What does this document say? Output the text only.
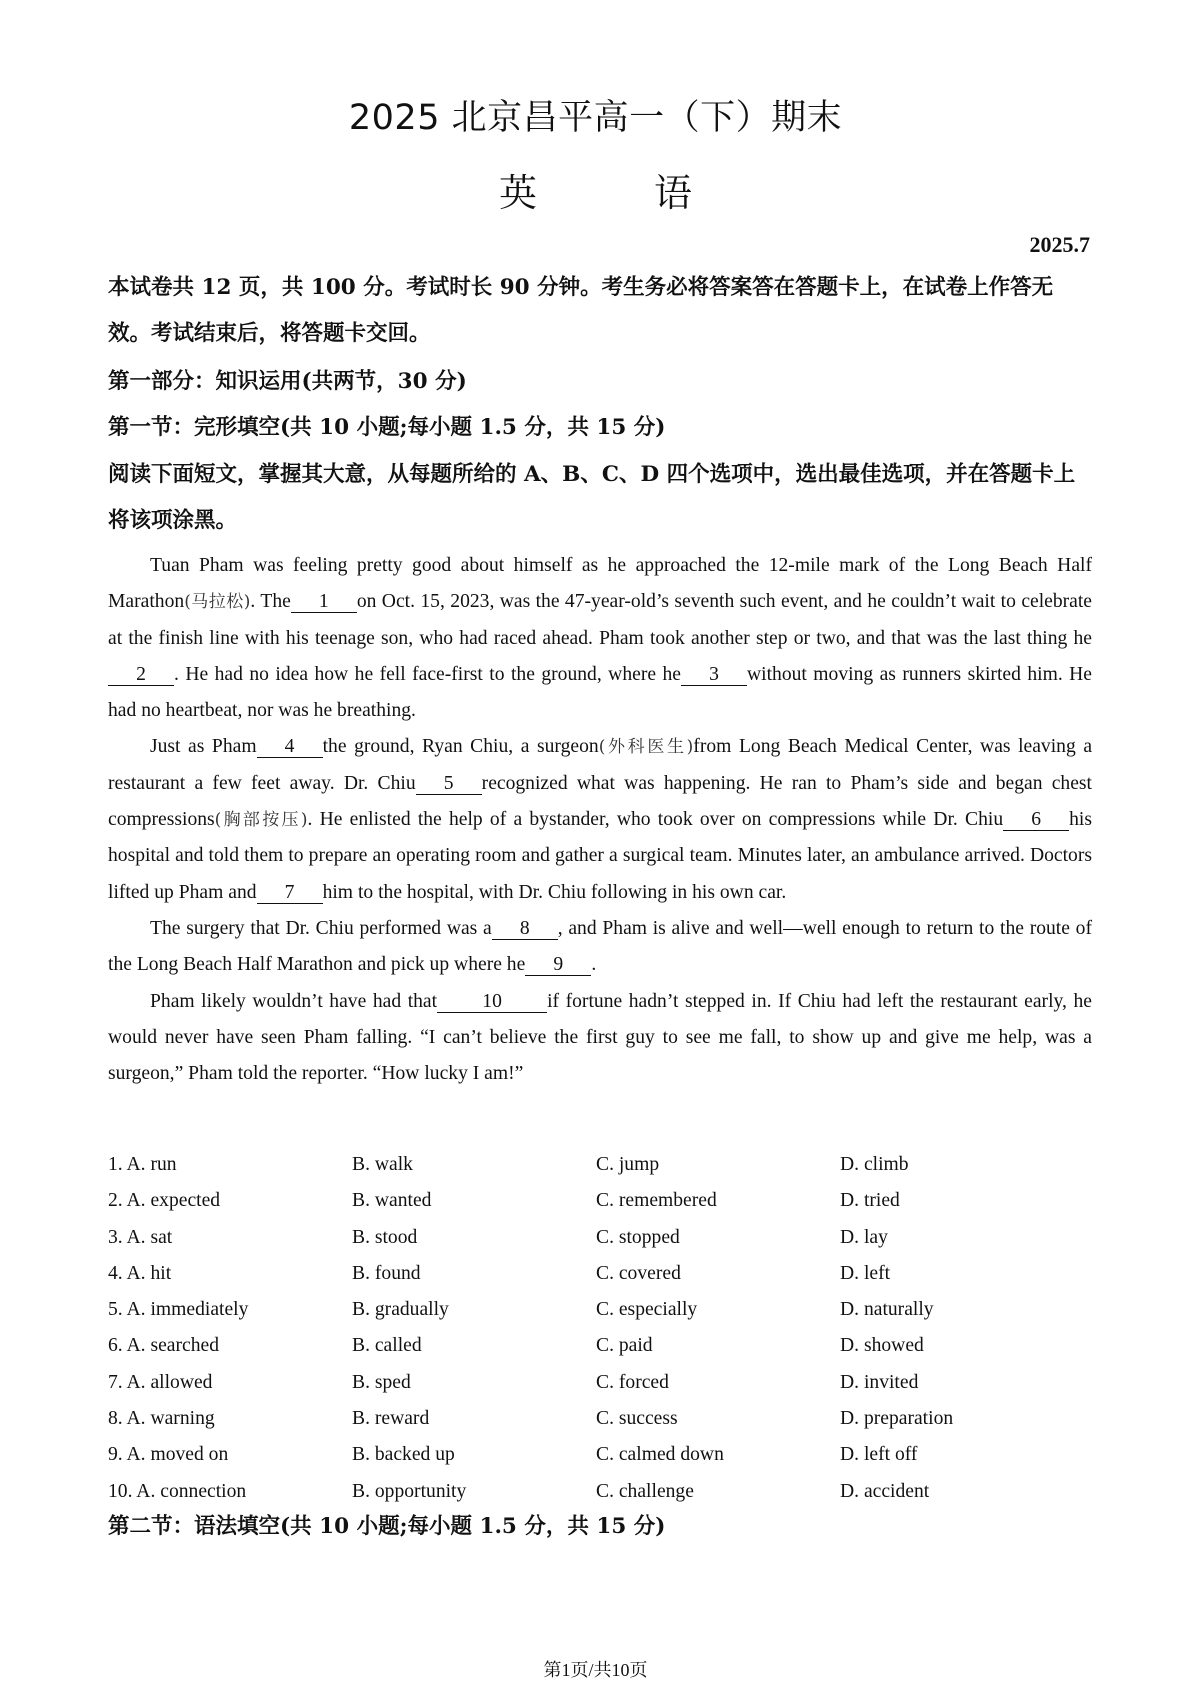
2025 北京昌平高一（下）期末
英	语
2025.7
本试卷共 12 页，共 100 分。考试时长 90 分钟。考生务必将答案答在答题卡上，在试卷上作答无效。考试结束后，将答题卡交回。
第一部分：知识运用(共两节，30 分)
第一节：完形填空(共 10 小题;每小题 1.5 分，共 15 分)
阅读下面短文，掌握其大意，从每题所给的 A、B、C、D 四个选项中，选出最佳选项，并在答题卡上将该项涂黑。

Tuan Pham was feeling pretty good about himself as he approached the 12-mile mark of the Long Beach Half Marathon(马拉松). The 1 on Oct. 15, 2023, was the 47-year-old’s seventh such event, and he couldn’t wait to celebrate at the finish line with his teenage son, who had raced ahead. Pham took another step or two, and that was the last thing he2 . He had no idea how he fell face-first to the ground, where he 3 without moving as runners skirted him. He had no heartbeat, nor was he breathing.

Just as Pham 4 the ground, Ryan Chiu, a surgeon(外科医生)from Long Beach Medical Center, was leaving a restaurant a few feet away. Dr. Chiu 5 recognized what was happening. He ran to Pham’s side and began chest compressions(胸部按压). He enlisted the help of a bystander, who took over on compressions while Dr. Chiu 6 his hospital and told them to prepare an operating room and gather a surgical team. Minutes later, an ambulance arrived. Doctors lifted up Pham and 7 him to the hospital, with Dr. Chiu following in his own car.

The surgery that Dr. Chiu performed was a 8 , and Pham is alive and well—well enough to return to the route of the Long Beach Half Marathon and pick up where he 9 .

Pham likely wouldn’t have had that 10 if fortune hadn’t stepped in. If Chiu had left the restaurant early, he would never have seen Pham falling. “I can’t believe the first guy to see me fall, to show up and give me help, was a surgeon,” Pham told the reporter. “How lucky I am!”

1. A. run	B. walk	C. jump	D. climb
2. A. expected	B. wanted	C. remembered	D. tried
3. A. sat	B. stood	C. stopped	D. lay
4. A. hit	B. found	C. covered	D. left
5. A. immediately	B. gradually	C. especially	D. naturally
6. A. searched	B. called	C. paid	D. showed
7. A. allowed	B. sped	C. forced	D. invited
8. A. warning	B. reward	C. success	D. preparation
9. A. moved on	B. backed up	C. calmed down	D. left off
10. A. connection	B. opportunity	C. challenge	D. accident
第二节：语法填空(共 10 小题;每小题 1.5 分，共 15 分)
第1页/共10页
